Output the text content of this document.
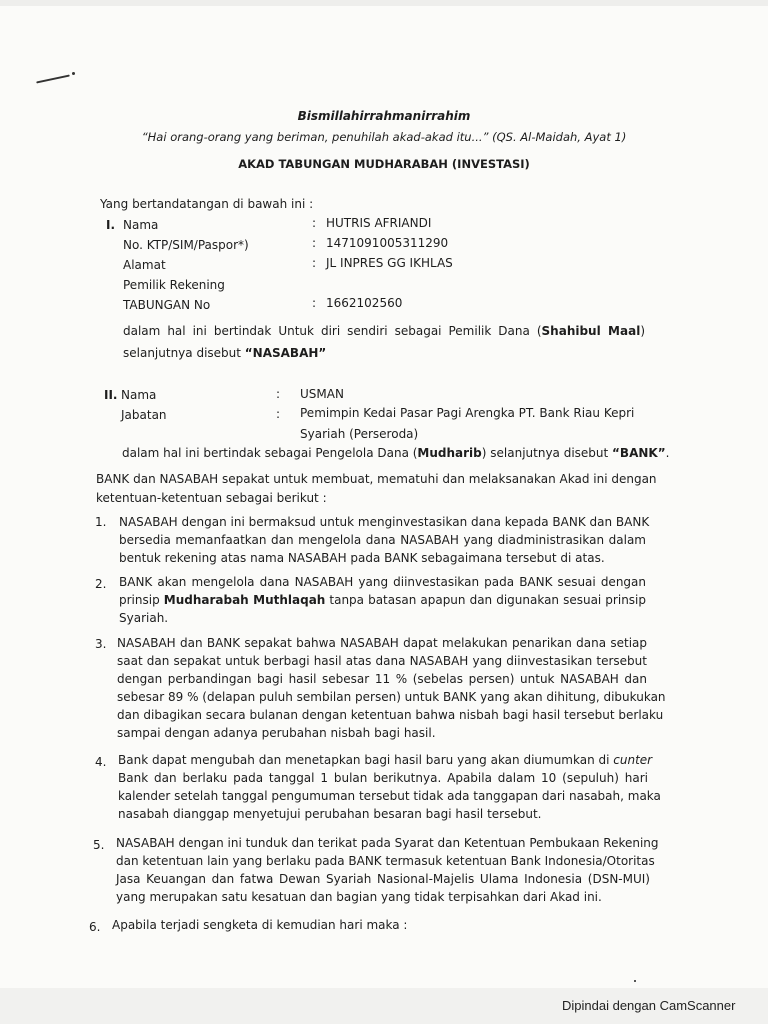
Bismillahirrahmanirrahim
“Hai orang-orang yang beriman, penuhilah akad-akad itu...” (QS. Al-Maidah, Ayat 1)
AKAD TABUNGAN MUDHARABAH (INVESTASI)
Yang bertandatangan di bawah ini :
I. Nama	: HUTRIS AFRIANDI
No. KTP/SIM/Paspor*)	: 1471091005311290
Alamat	: JL INPRES GG IKHLAS
Pemilik Rekening
TABUNGAN No	: 1662102560
dalam hal ini bertindak Untuk diri sendiri sebagai Pemilik Dana (Shahibul Maal)
selanjutnya disebut “NASABAH”
II. Nama	: USMAN
Jabatan	: Pemimpin Kedai Pasar Pagi Arengka PT. Bank Riau Kepri
Syariah (Perseroda)
dalam hal ini bertindak sebagai Pengelola Dana (Mudharib) selanjutnya disebut “BANK”.
BANK dan NASABAH sepakat untuk membuat, mematuhi dan melaksanakan Akad ini dengan
ketentuan-ketentuan sebagai berikut :
1. NASABAH dengan ini bermaksud untuk menginvestasikan dana kepada BANK dan BANK
bersedia memanfaatkan dan mengelola dana NASABAH yang diadministrasikan dalam
bentuk rekening atas nama NASABAH pada BANK sebagaimana tersebut di atas.
2. BANK akan mengelola dana NASABAH yang diinvestasikan pada BANK sesuai dengan
prinsip Mudharabah Muthlaqah tanpa batasan apapun dan digunakan sesuai prinsip
Syariah.
3. NASABAH dan BANK sepakat bahwa NASABAH dapat melakukan penarikan dana setiap
saat dan sepakat untuk berbagi hasil atas dana NASABAH yang diinvestasikan tersebut
dengan perbandingan bagi hasil sebesar 11 % (sebelas persen) untuk NASABAH dan
sebesar 89 % (delapan puluh sembilan persen) untuk BANK yang akan dihitung, dibukukan
dan dibagikan secara bulanan dengan ketentuan bahwa nisbah bagi hasil tersebut berlaku
sampai dengan adanya perubahan nisbah bagi hasil.
4. Bank dapat mengubah dan menetapkan bagi hasil baru yang akan diumumkan di cunter
Bank dan berlaku pada tanggal 1 bulan berikutnya. Apabila dalam 10 (sepuluh) hari
kalender setelah tanggal pengumuman tersebut tidak ada tanggapan dari nasabah, maka
nasabah dianggap menyetujui perubahan besaran bagi hasil tersebut.
5. NASABAH dengan ini tunduk dan terikat pada Syarat dan Ketentuan Pembukaan Rekening
dan ketentuan lain yang berlaku pada BANK termasuk ketentuan Bank Indonesia/Otoritas
Jasa Keuangan dan fatwa Dewan Syariah Nasional-Majelis Ulama Indonesia (DSN-MUI)
yang merupakan satu kesatuan dan bagian yang tidak terpisahkan dari Akad ini.
6. Apabila terjadi sengketa di kemudian hari maka :
Dipindai dengan CamScanner
